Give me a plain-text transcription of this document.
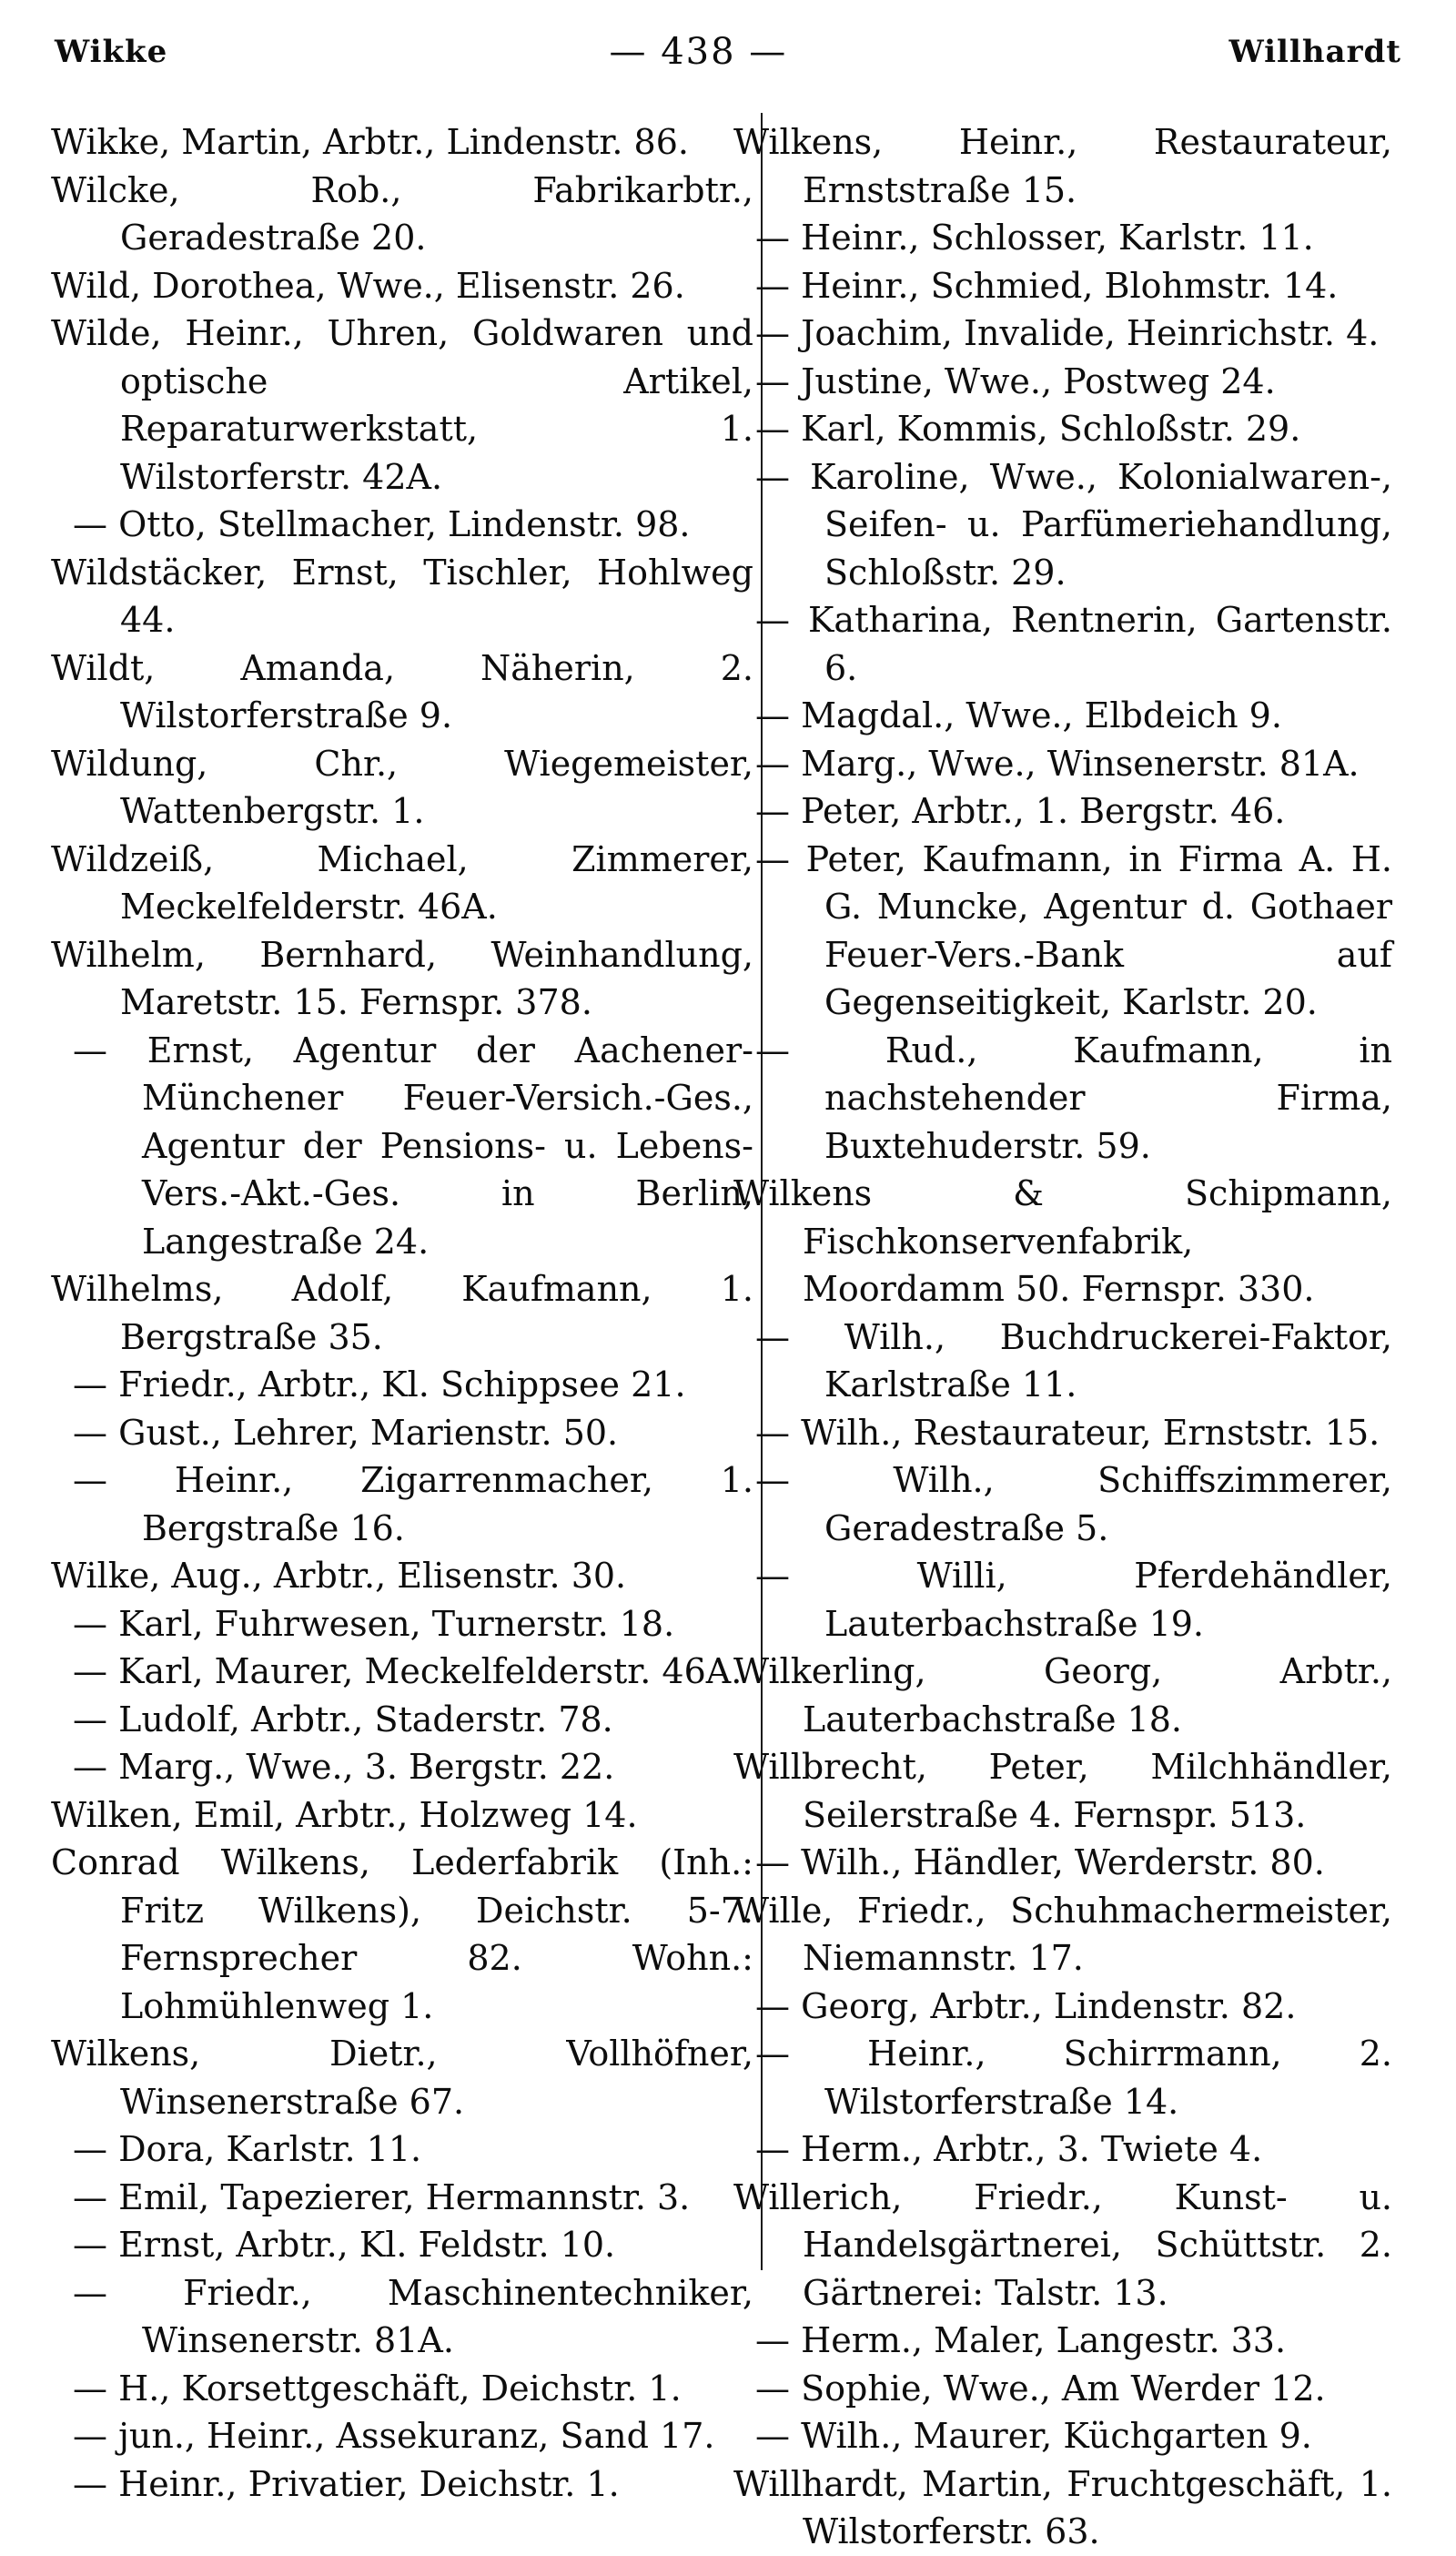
Wikke	— 438 —	Willhardt
Wikke, Martin, Arbtr., Lindenstr. 86.
Wilcke, Rob., Fabrikarbtr., Geradestraße 20.
Wild, Dorothea, Wwe., Elisenstr. 26.
Wilde, Heinr., Uhren, Goldwaren und optische Artikel, Reparaturwerkstatt, 1. Wilstorferstr. 42A.
— Otto, Stellmacher, Lindenstr. 98.
Wildstäcker, Ernst, Tischler, Hohlweg 44.
Wildt, Amanda, Näherin, 2. Wilstorferstraße 9.
Wildung, Chr., Wiegemeister, Wattenbergstr. 1.
Wildzeiß, Michael, Zimmerer, Meckelfelderstr. 46A.
Wilhelm, Bernhard, Weinhandlung, Maretstr. 15. Fernspr. 378.
— Ernst, Agentur der Aachener-Münchener Feuer-Versich.-Ges., Agentur der Pensions- u. Lebens-Vers.-Akt.-Ges. in Berlin, Langestraße 24.
Wilhelms, Adolf, Kaufmann, 1. Bergstraße 35.
— Friedr., Arbtr., Kl. Schippsee 21.
— Gust., Lehrer, Marienstr. 50.
— Heinr., Zigarrenmacher, 1. Bergstraße 16.
Wilke, Aug., Arbtr., Elisenstr. 30.
— Karl, Fuhrwesen, Turnerstr. 18.
— Karl, Maurer, Meckelfelderstr. 46A.
— Ludolf, Arbtr., Staderstr. 78.
— Marg., Wwe., 3. Bergstr. 22.
Wilken, Emil, Arbtr., Holzweg 14.
Conrad Wilkens, Lederfabrik (Inh.: Fritz Wilkens), Deichstr. 5-7. Fernsprecher 82. Wohn.: Lohmühlenweg 1.
Wilkens, Dietr., Vollhöfner, Winsenerstraße 67.
— Dora, Karlstr. 11.
— Emil, Tapezierer, Hermannstr. 3.
— Ernst, Arbtr., Kl. Feldstr. 10.
— Friedr., Maschinentechniker, Winsenerstr. 81A.
— H., Korsettgeschäft, Deichstr. 1.
— jun., Heinr., Assekuranz, Sand 17.
— Heinr., Privatier, Deichstr. 1.
Wilkens, Heinr., Restaurateur, Ernststraße 15.
— Heinr., Schlosser, Karlstr. 11.
— Heinr., Schmied, Blohmstr. 14.
— Joachim, Invalide, Heinrichstr. 4.
— Justine, Wwe., Postweg 24.
— Karl, Kommis, Schloßstr. 29.
— Karoline, Wwe., Kolonialwaren-, Seifen- u. Parfümeriehandlung, Schloßstr. 29.
— Katharina, Rentnerin, Gartenstr. 6.
— Magdal., Wwe., Elbdeich 9.
— Marg., Wwe., Winsenerstr. 81A.
— Peter, Arbtr., 1. Bergstr. 46.
— Peter, Kaufmann, in Firma A. H. G. Muncke, Agentur d. Gothaer Feuer-Vers.-Bank auf Gegenseitigkeit, Karlstr. 20.
— Rud., Kaufmann, in nachstehender Firma, Buxtehuderstr. 59.
Wilkens & Schipmann, Fischkonservenfabrik, Moordamm 50. Fernspr. 330.
— Wilh., Buchdruckerei-Faktor, Karlstraße 11.
— Wilh., Restaurateur, Ernststr. 15.
— Wilh., Schiffszimmerer, Geradestraße 5.
— Willi, Pferdehändler, Lauterbachstraße 19.
Wilkerling, Georg, Arbtr., Lauterbachstraße 18.
Willbrecht, Peter, Milchhändler, Seilerstraße 4. Fernspr. 513.
— Wilh., Händler, Werderstr. 80.
Wille, Friedr., Schuhmachermeister, Niemannstr. 17.
— Georg, Arbtr., Lindenstr. 82.
— Heinr., Schirrmann, 2. Wilstorferstraße 14.
— Herm., Arbtr., 3. Twiete 4.
Willerich, Friedr., Kunst- u. Handelsgärtnerei, Schüttstr. 2. Gärtnerei: Talstr. 13.
— Herm., Maler, Langestr. 33.
— Sophie, Wwe., Am Werder 12.
— Wilh., Maurer, Küchgarten 9.
Willhardt, Martin, Fruchtgeschäft, 1. Wilstorferstr. 63.
